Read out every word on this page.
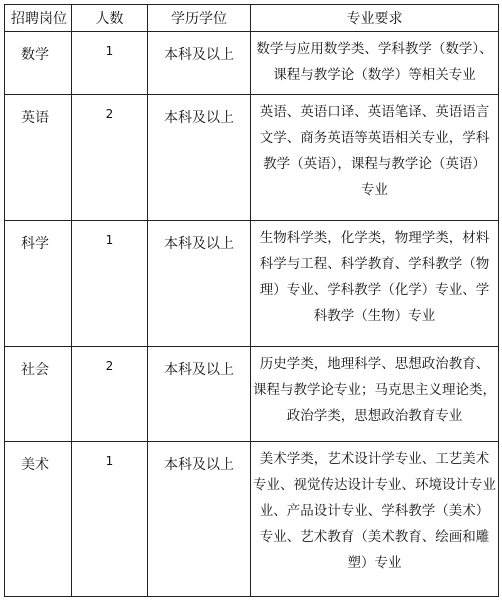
招聘岗位	人数	学历学位	专业要求
数学	1	本科及以上	数学与应用数学类、学科教学（数学）、
课程与教学论（数学）等相关专业

英语	2	本科及以上	英语、英语口译、英语笔译、英语语言
文学、商务英语等英语相关专业，学科
教学（英语），课程与教学论（英语）
专业

科学	1	本科及以上	生物科学类，化学类，物理学类，材料
科学与工程、科学教育、学科教学（物
理）专业、学科教学（化学）专业、学
科教学（生物）专业

社会	2	本科及以上	历史学类，地理科学、思想政治教育、
课程与教学论专业；马克思主义理论类，
政治学类，思想政治教育专业

美术	1	本科及以上	美术学类，艺术设计学专业、工艺美术
专业、视觉传达设计专业、环境设计专业
业、产品设计专业、学科教学（美术）
专业、艺术教育（美术教育、绘画和雕
塑）专业
